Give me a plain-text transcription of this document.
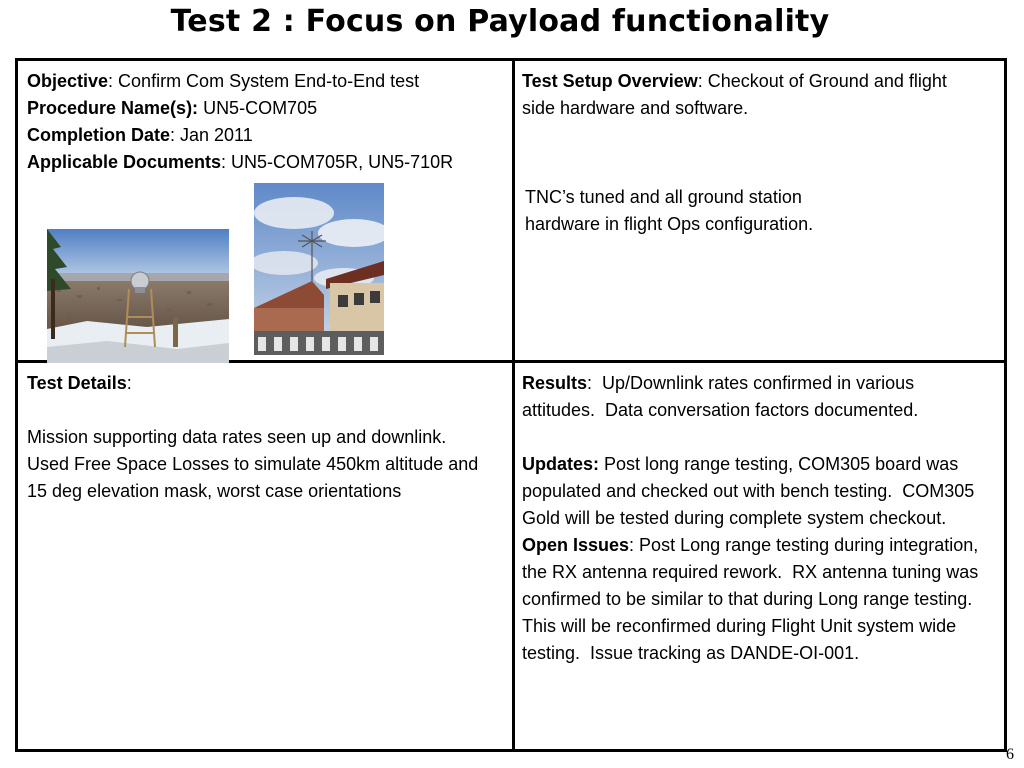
Test 2 : Focus on Payload functionality
Objective: Confirm Com System End-to-End test
Procedure Name(s): UN5-COM705
Completion Date: Jan 2011
Applicable Documents: UN5-COM705R, UN5-710R
Test Setup Overview: Checkout of Ground and flight
side hardware and software.
TNC’s tuned and all ground station
hardware in flight Ops configuration.
Test Details:
Mission supporting data rates seen up and downlink.
Used Free Space Losses to simulate 450km altitude and
15 deg elevation mask, worst case orientations
Results:  Up/Downlink rates confirmed in various
attitudes.  Data conversation factors documented.
Updates: Post long range testing, COM305 board was
populated and checked out with bench testing.  COM305
Gold will be tested during complete system checkout.
Open Issues: Post Long range testing during integration,
the RX antenna required rework.  RX antenna tuning was
confirmed to be similar to that during Long range testing.
This will be reconfirmed during Flight Unit system wide
testing.  Issue tracking as DANDE-OI-001.
6
